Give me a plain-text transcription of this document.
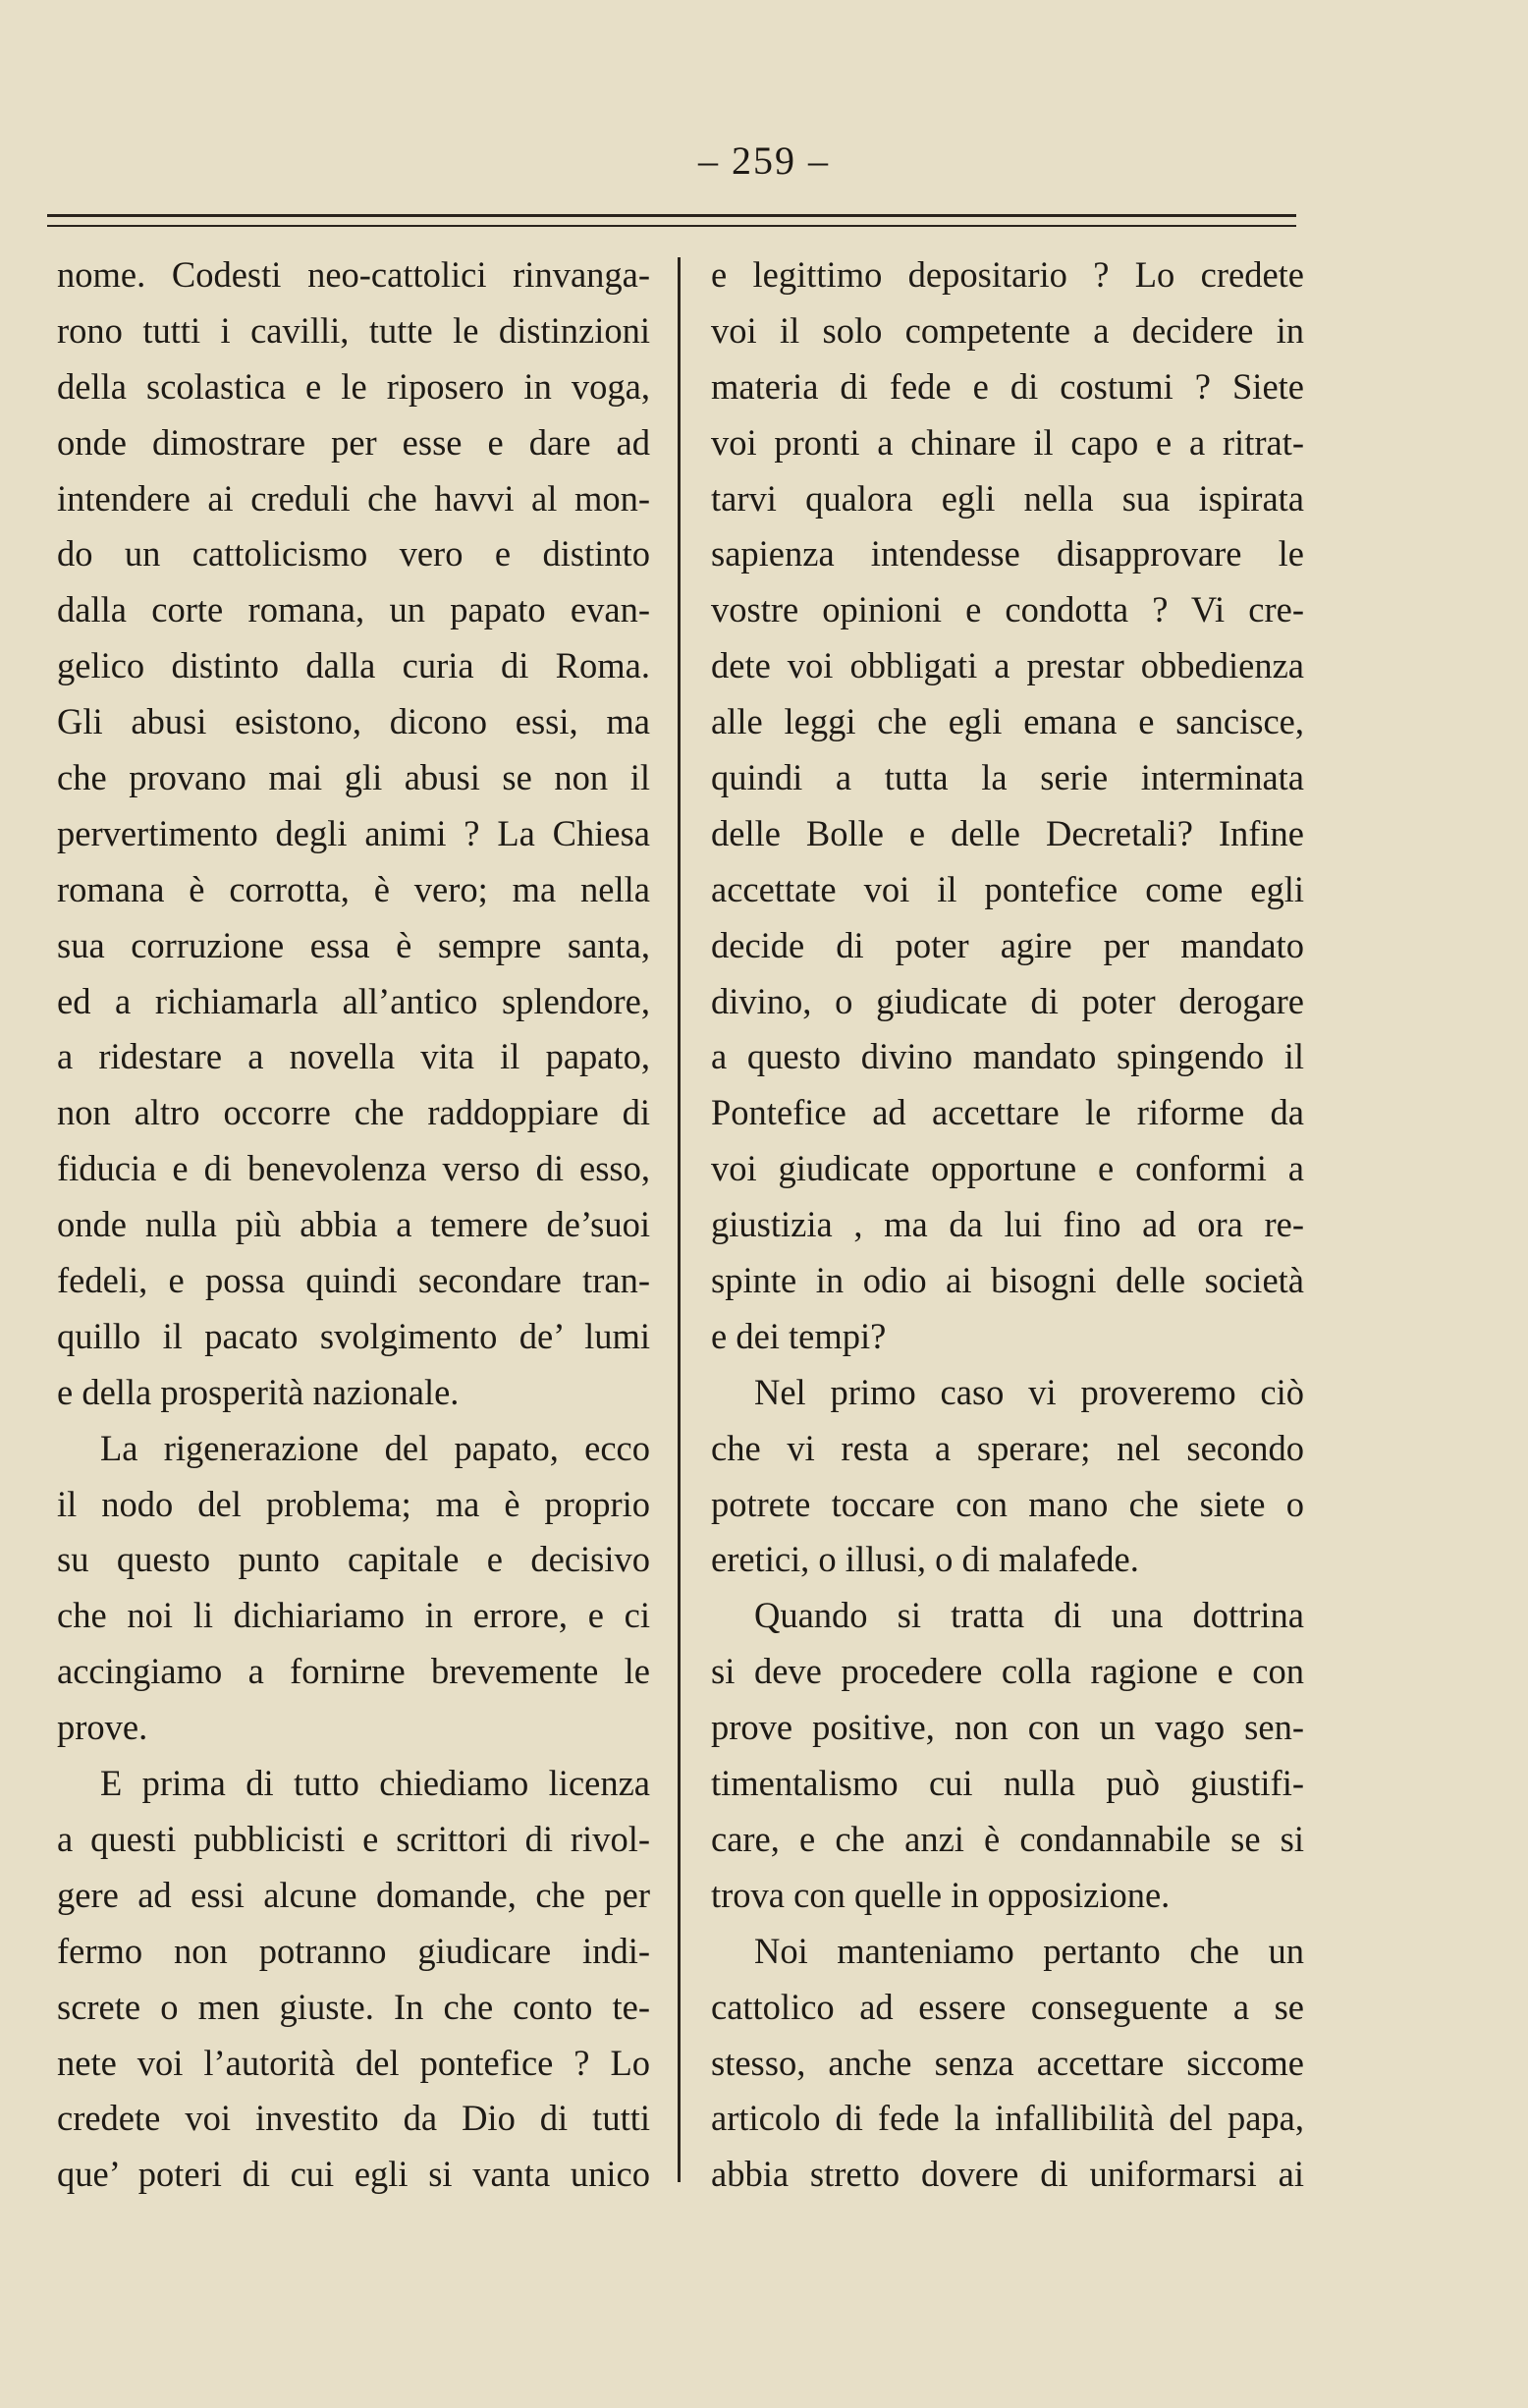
– 259 –
nome. Codesti neo-cattolici rinvanga-
rono tutti i cavilli, tutte le distinzioni
della scolastica e le riposero in voga,
onde dimostrare per esse e dare ad
intendere ai creduli che havvi al mon-
do un cattolicismo vero e distinto
dalla corte romana, un papato evan-
gelico distinto dalla curia di Roma.
Gli abusi esistono, dicono essi, ma
che provano mai gli abusi se non il
pervertimento degli animi ? La Chiesa
romana è corrotta, è vero; ma nella
sua corruzione essa è sempre santa,
ed a richiamarla all’antico splendore,
a ridestare a novella vita il papato,
non altro occorre che raddoppiare di
fiducia e di benevolenza verso di esso,
onde nulla più abbia a temere de’suoi
fedeli, e possa quindi secondare tran-
quillo il pacato svolgimento de’ lumi
e della prosperità nazionale.
La rigenerazione del papato, ecco
il nodo del problema; ma è proprio
su questo punto capitale e decisivo
che noi li dichiariamo in errore, e ci
accingiamo a fornirne brevemente le
prove.
E prima di tutto chiediamo licenza
a questi pubblicisti e scrittori di rivol-
gere ad essi alcune domande, che per
fermo non potranno giudicare indi-
screte o men giuste. In che conto te-
nete voi l’autorità del pontefice ? Lo
credete voi investito da Dio di tutti
que’ poteri di cui egli si vanta unico
e legittimo depositario ? Lo credete
voi il solo competente a decidere in
materia di fede e di costumi ? Siete
voi pronti a chinare il capo e a ritrat-
tarvi qualora egli nella sua ispirata
sapienza intendesse disapprovare le
vostre opinioni e condotta ? Vi cre-
dete voi obbligati a prestar obbedienza
alle leggi che egli emana e sancisce,
quindi a tutta la serie interminata
delle Bolle e delle Decretali? Infine
accettate voi il pontefice come egli
decide di poter agire per mandato
divino, o giudicate di poter derogare
a questo divino mandato spingendo il
Pontefice ad accettare le riforme da
voi giudicate opportune e conformi a
giustizia , ma da lui fino ad ora re-
spinte in odio ai bisogni delle società
e dei tempi?
Nel primo caso vi proveremo ciò
che vi resta a sperare; nel secondo
potrete toccare con mano che siete o
eretici, o illusi, o di malafede.
Quando si tratta di una dottrina
si deve procedere colla ragione e con
prove positive, non con un vago sen-
timentalismo cui nulla può giustifi-
care, e che anzi è condannabile se si
trova con quelle in opposizione.
Noi manteniamo pertanto che un
cattolico ad essere conseguente a se
stesso, anche senza accettare siccome
articolo di fede la infallibilità del papa,
abbia stretto dovere di uniformarsi ai
